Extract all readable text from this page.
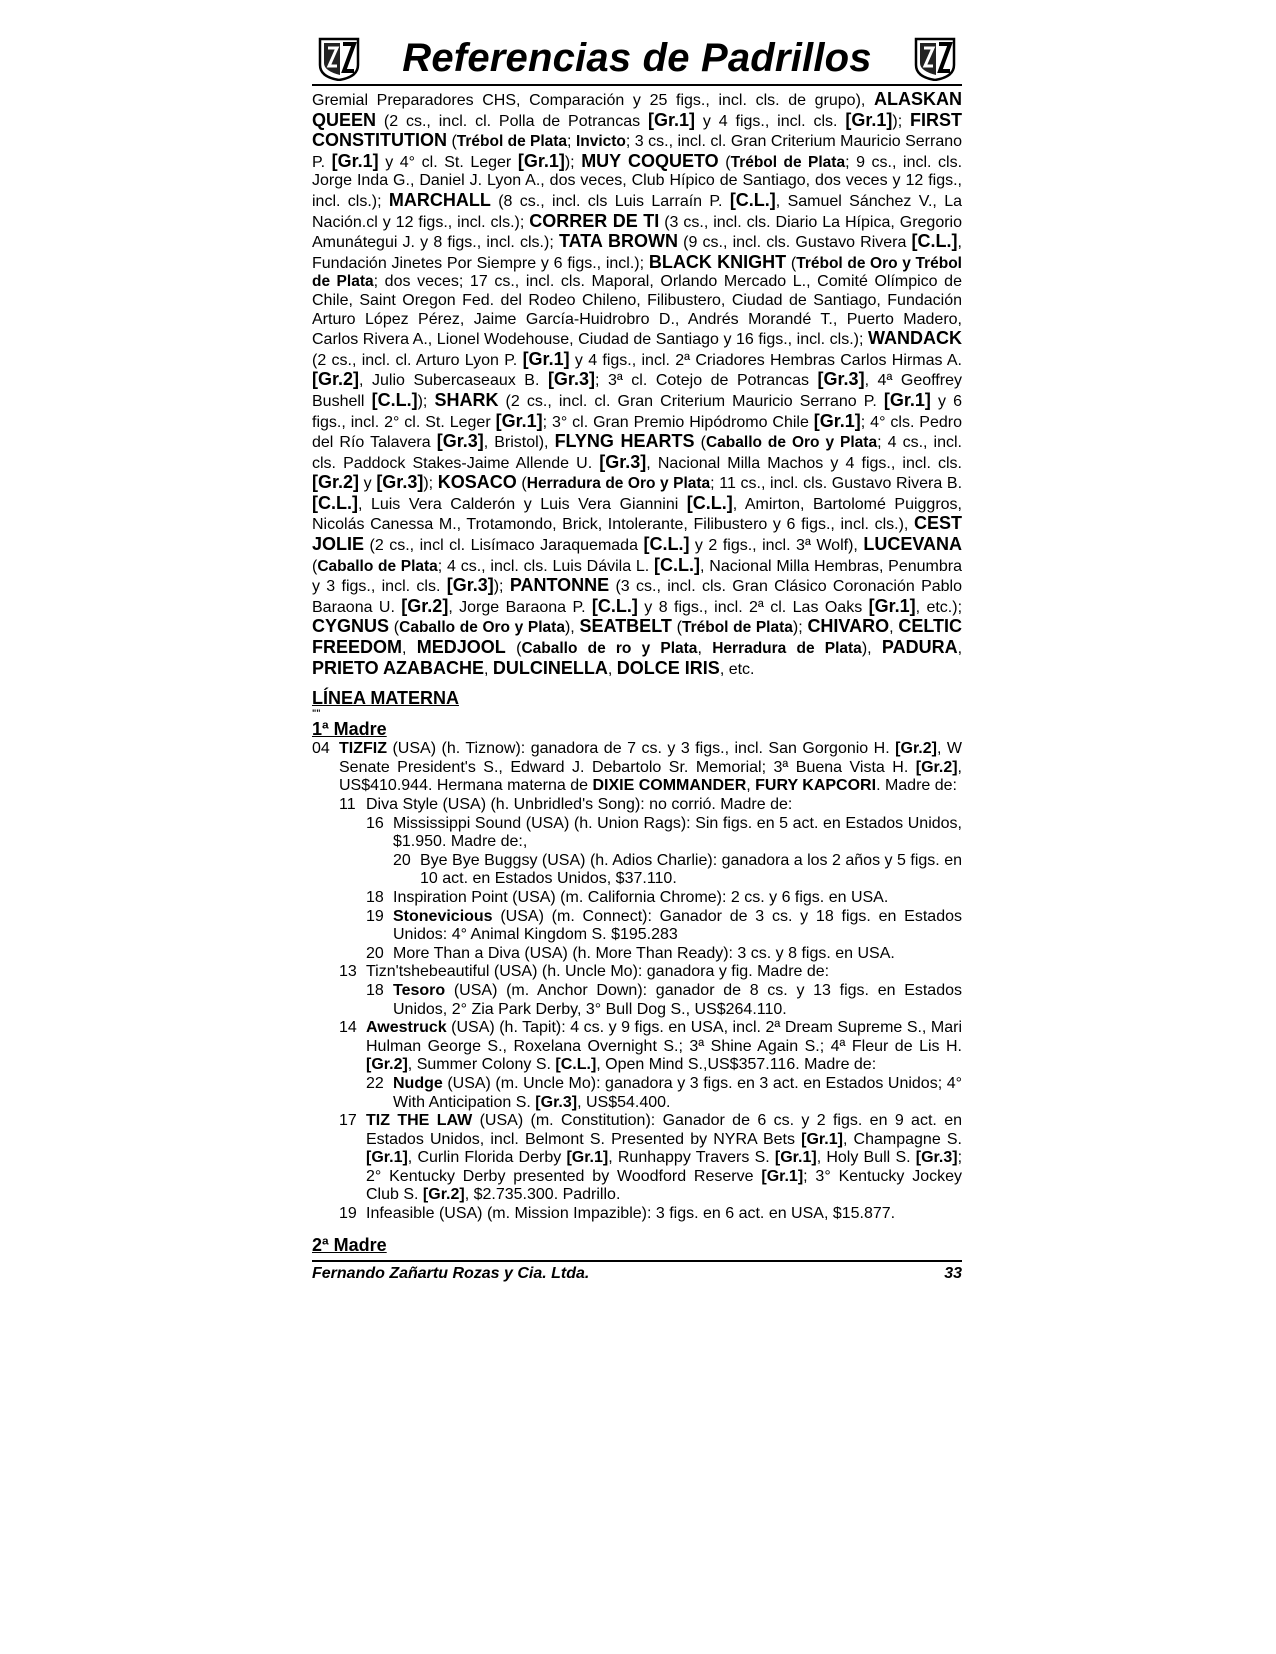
Referencias de Padrillos
Gremial Preparadores CHS, Comparación y 25 figs., incl. cls. de grupo), ALASKAN QUEEN (2 cs., incl. cl. Polla de Potrancas [Gr.1] y 4 figs., incl. cls. [Gr.1]); FIRST CONSTITUTION (Trébol de Plata; Invicto; 3 cs., incl. cl. Gran Criterium Mauricio Serrano P. [Gr.1] y 4° cl. St. Leger [Gr.1]); MUY COQUETO (Trébol de Plata; 9 cs., incl. cls. Jorge Inda G., Daniel J. Lyon A., dos veces, Club Hípico de Santiago, dos veces y 12 figs., incl. cls.); MARCHALL (8 cs., incl. cls Luis Larraín P. [C.L.], Samuel Sánchez V., La Nación.cl y 12 figs., incl. cls.); CORRER DE TI (3 cs., incl. cls. Diario La Hípica, Gregorio Amunátegui J. y 8 figs., incl. cls.); TATA BROWN (9 cs., incl. cls. Gustavo Rivera [C.L.], Fundación Jinetes Por Siempre y 6 figs., incl.); BLACK KNIGHT (Trébol de Oro y Trébol de Plata; dos veces; 17 cs., incl. cls. Maporal, Orlando Mercado L., Comité Olímpico de Chile, Saint Oregon Fed. del Rodeo Chileno, Filibustero, Ciudad de Santiago, Fundación Arturo López Pérez, Jaime García-Huidrobro D., Andrés Morandé T., Puerto Madero, Carlos Rivera A., Lionel Wodehouse, Ciudad de Santiago y 16 figs., incl. cls.); WANDACK (2 cs., incl. cl. Arturo Lyon P. [Gr.1] y 4 figs., incl. 2ª Criadores Hembras Carlos Hirmas A. [Gr.2], Julio Subercaseaux B. [Gr.3]; 3ª cl. Cotejo de Potrancas [Gr.3], 4ª Geoffrey Bushell [C.L.]); SHARK (2 cs., incl. cl. Gran Criterium Mauricio Serrano P. [Gr.1] y 6 figs., incl. 2° cl. St. Leger [Gr.1]; 3° cl. Gran Premio Hipódromo Chile [Gr.1]; 4° cls. Pedro del Río Talavera [Gr.3], Bristol), FLYNG HEARTS (Caballo de Oro y Plata; 4 cs., incl. cls. Paddock Stakes-Jaime Allende U. [Gr.3], Nacional Milla Machos y 4 figs., incl. cls. [Gr.2] y [Gr.3]); KOSACO (Herradura de Oro y Plata; 11 cs., incl. cls. Gustavo Rivera B. [C.L.], Luis Vera Calderón y Luis Vera Giannini [C.L.], Amirton, Bartolomé Puiggros, Nicolás Canessa M., Trotamondo, Brick, Intolerante, Filibustero y 6 figs., incl. cls.), CEST JOLIE (2 cs., incl cl. Lisímaco Jaraquemada [C.L.] y 2 figs., incl. 3ª Wolf), LUCEVANA (Caballo de Plata; 4 cs., incl. cls. Luis Dávila L. [C.L.], Nacional Milla Hembras, Penumbra y 3 figs., incl. cls. [Gr.3]); PANTONNE (3 cs., incl. cls. Gran Clásico Coronación Pablo Baraona U. [Gr.2], Jorge Baraona P. [C.L.] y 8 figs., incl. 2ª cl. Las Oaks [Gr.1], etc.); CYGNUS (Caballo de Oro y Plata), SEATBELT (Trébol de Plata); CHIVARO, CELTIC FREEDOM, MEDJOOL (Caballo de ro y Plata, Herradura de Plata), PADURA, PRIETO AZABACHE, DULCINELLA, DOLCE IRIS, etc.
LÍNEA MATERNA
""
1ª Madre
04 TIZFIZ (USA) (h. Tiznow): ganadora de 7 cs. y 3 figs., incl. San Gorgonio H. [Gr.2], W Senate President's S., Edward J. Debartolo Sr. Memorial; 3ª Buena Vista H. [Gr.2], US$410.944. Hermana materna de DIXIE COMMANDER, FURY KAPCORI. Madre de:
11 Diva Style (USA) (h. Unbridled's Song): no corrió. Madre de:
16 Mississippi Sound (USA) (h. Union Rags): Sin figs. en 5 act. en Estados Unidos, $1.950. Madre de:,
20 Bye Bye Buggsy (USA) (h. Adios Charlie): ganadora a los 2 años y 5 figs. en 10 act. en Estados Unidos, $37.110.
18 Inspiration Point (USA) (m. California Chrome): 2 cs. y 6 figs. en USA.
19 Stonevicious (USA) (m. Connect): Ganador de 3 cs. y 18 figs. en Estados Unidos: 4° Animal Kingdom S. $195.283
20 More Than a Diva (USA) (h. More Than Ready): 3 cs. y 8 figs. en USA.
13 Tizn'tshebeautiful (USA) (h. Uncle Mo): ganadora y fig. Madre de:
18 Tesoro (USA) (m. Anchor Down): ganador de 8 cs. y 13 figs. en Estados Unidos, 2° Zia Park Derby, 3° Bull Dog S., US$264.110.
14 Awestruck (USA) (h. Tapit): 4 cs. y 9 figs. en USA, incl. 2ª Dream Supreme S., Mari Hulman George S., Roxelana Overnight S.; 3ª Shine Again S.; 4ª Fleur de Lis H. [Gr.2], Summer Colony S. [C.L.], Open Mind S.,US$357.116. Madre de:
22 Nudge (USA) (m. Uncle Mo): ganadora y 3 figs. en 3 act. en Estados Unidos; 4° With Anticipation S. [Gr.3], US$54.400.
17 TIZ THE LAW (USA) (m. Constitution): Ganador de 6 cs. y 2 figs. en 9 act. en Estados Unidos, incl. Belmont S. Presented by NYRA Bets [Gr.1], Champagne S. [Gr.1], Curlin Florida Derby [Gr.1], Runhappy Travers S. [Gr.1], Holy Bull S. [Gr.3]; 2° Kentucky Derby presented by Woodford Reserve [Gr.1]; 3° Kentucky Jockey Club S. [Gr.2], $2.735.300. Padrillo.
19 Infeasible (USA) (m. Mission Impazible): 3 figs. en 6 act. en USA, $15.877.
2ª Madre
Fernando Zañartu Rozas y Cia. Ltda.	33
